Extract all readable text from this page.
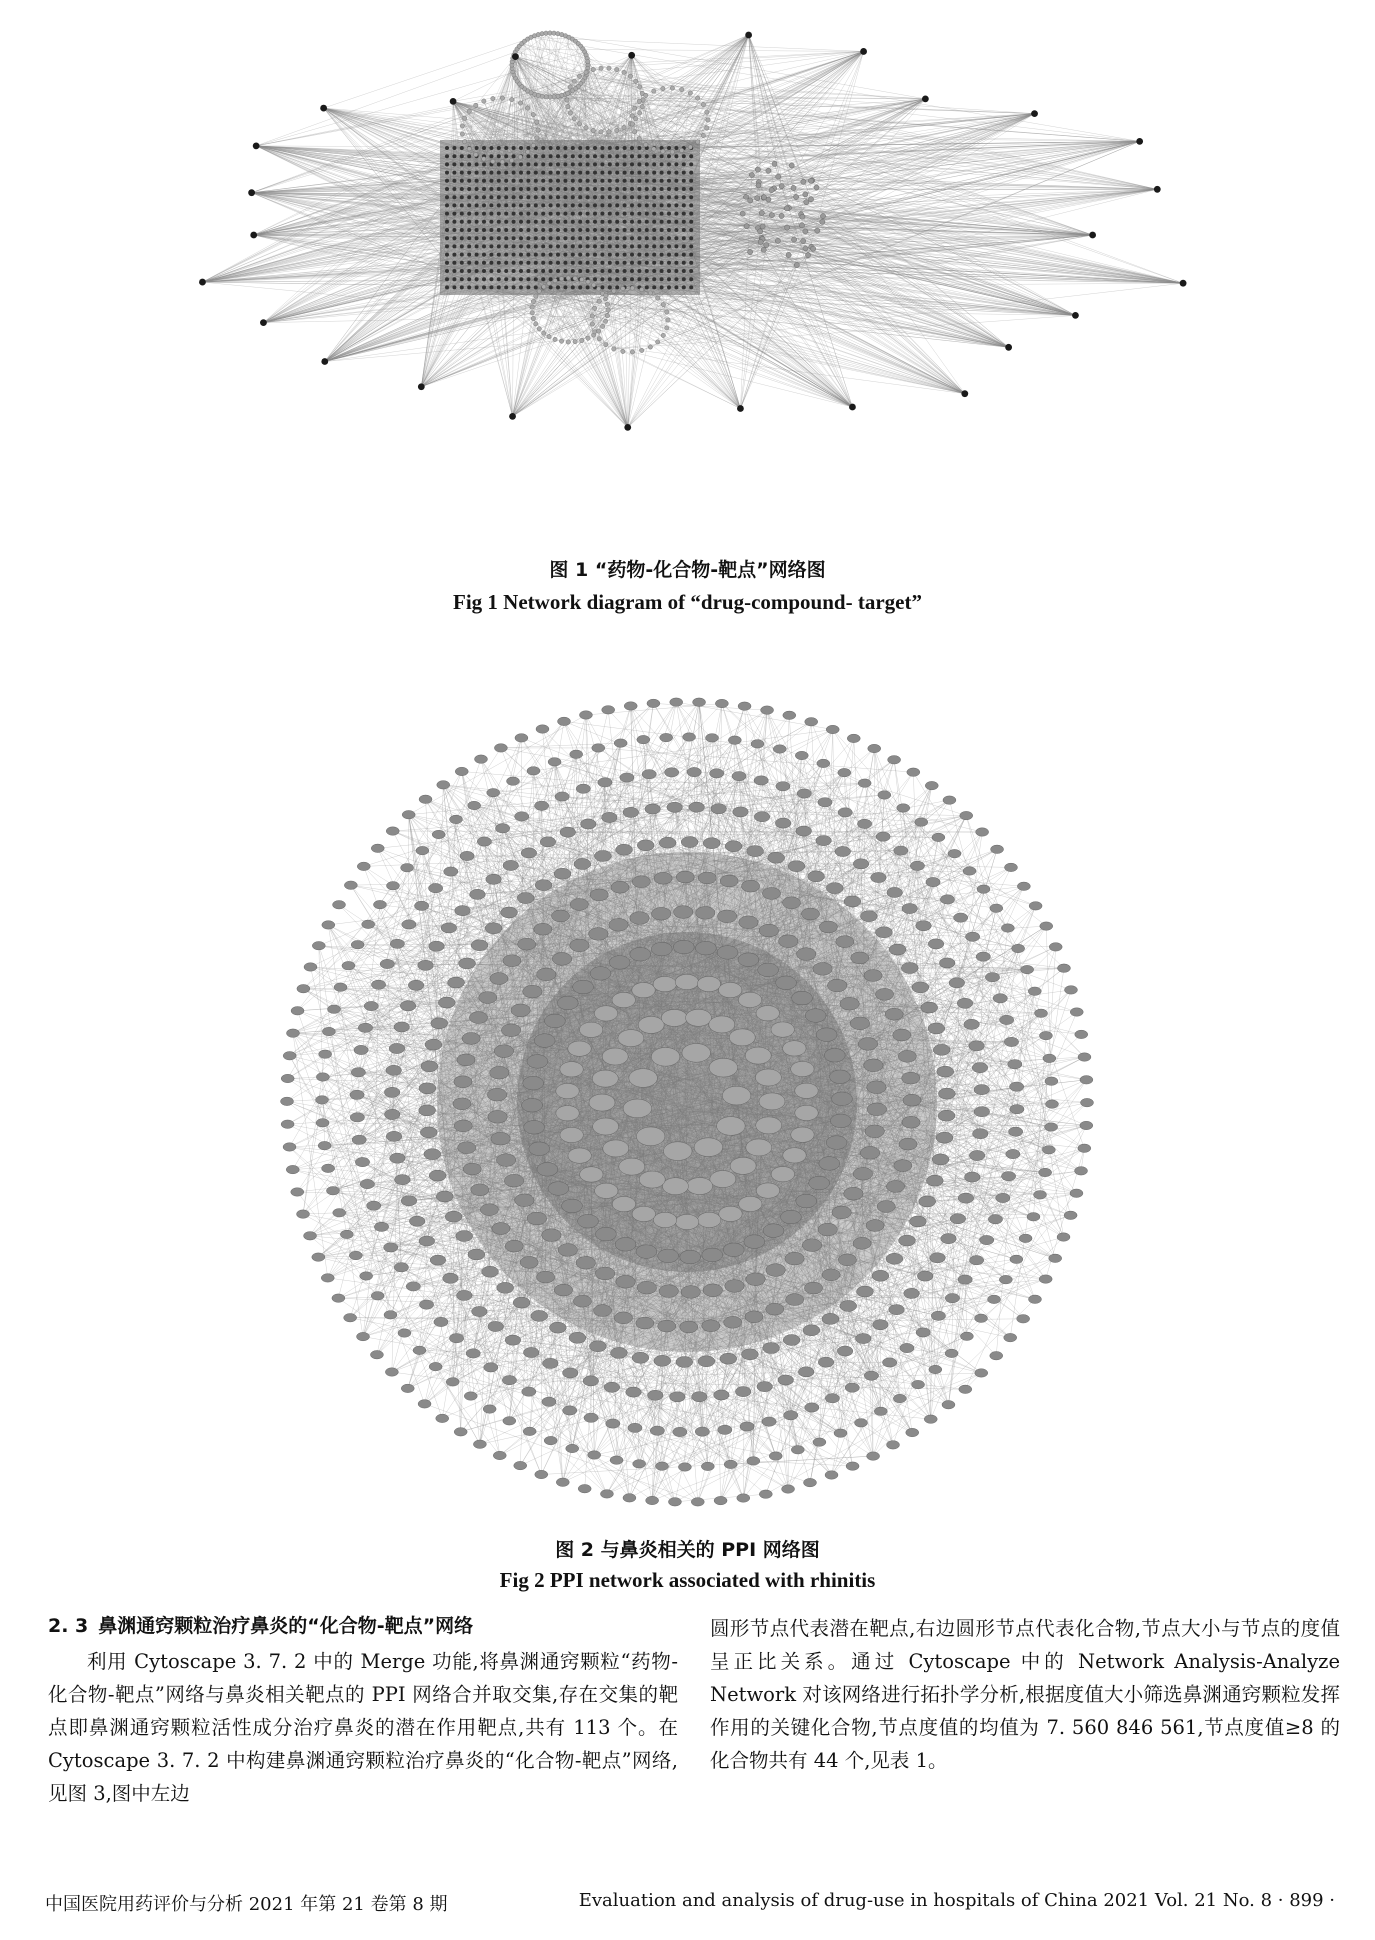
图 1 “药物-化合物-靶点”网络图
Fig 1 Network diagram of “drug-compound- target”
图 2 与鼻炎相关的 PPI 网络图
Fig 2 PPI network associated with rhinitis
2. 3 鼻渊通窍颗粒治疗鼻炎的“化合物-靶点”网络

利用 Cytoscape 3. 7. 2 中的 Merge 功能,将鼻渊通窍颗粒“药物-化合物-靶点”网络与鼻炎相关靶点的 PPI 网络合并取交集,存在交集的靶点即鼻渊通窍颗粒活性成分治疗鼻炎的潜在作用靶点,共有 113 个。在 Cytoscape 3. 7. 2 中构建鼻渊通窍颗粒治疗鼻炎的“化合物-靶点”网络,见图 3,图中左边

圆形节点代表潜在靶点,右边圆形节点代表化合物,节点大小与节点的度值呈正比关系。通过 Cytoscape 中的 Network Analysis-Analyze Network 对该网络进行拓扑学分析,根据度值大小筛选鼻渊通窍颗粒发挥作用的关键化合物,节点度值的均值为 7. 560 846 561,节点度值≥8 的化合物共有 44 个,见表 1。

中国医院用药评价与分析 2021 年第 21 卷第 8 期	Evaluation and analysis of drug-use in hospitals of China 2021 Vol. 21 No. 8 · 899 ·
